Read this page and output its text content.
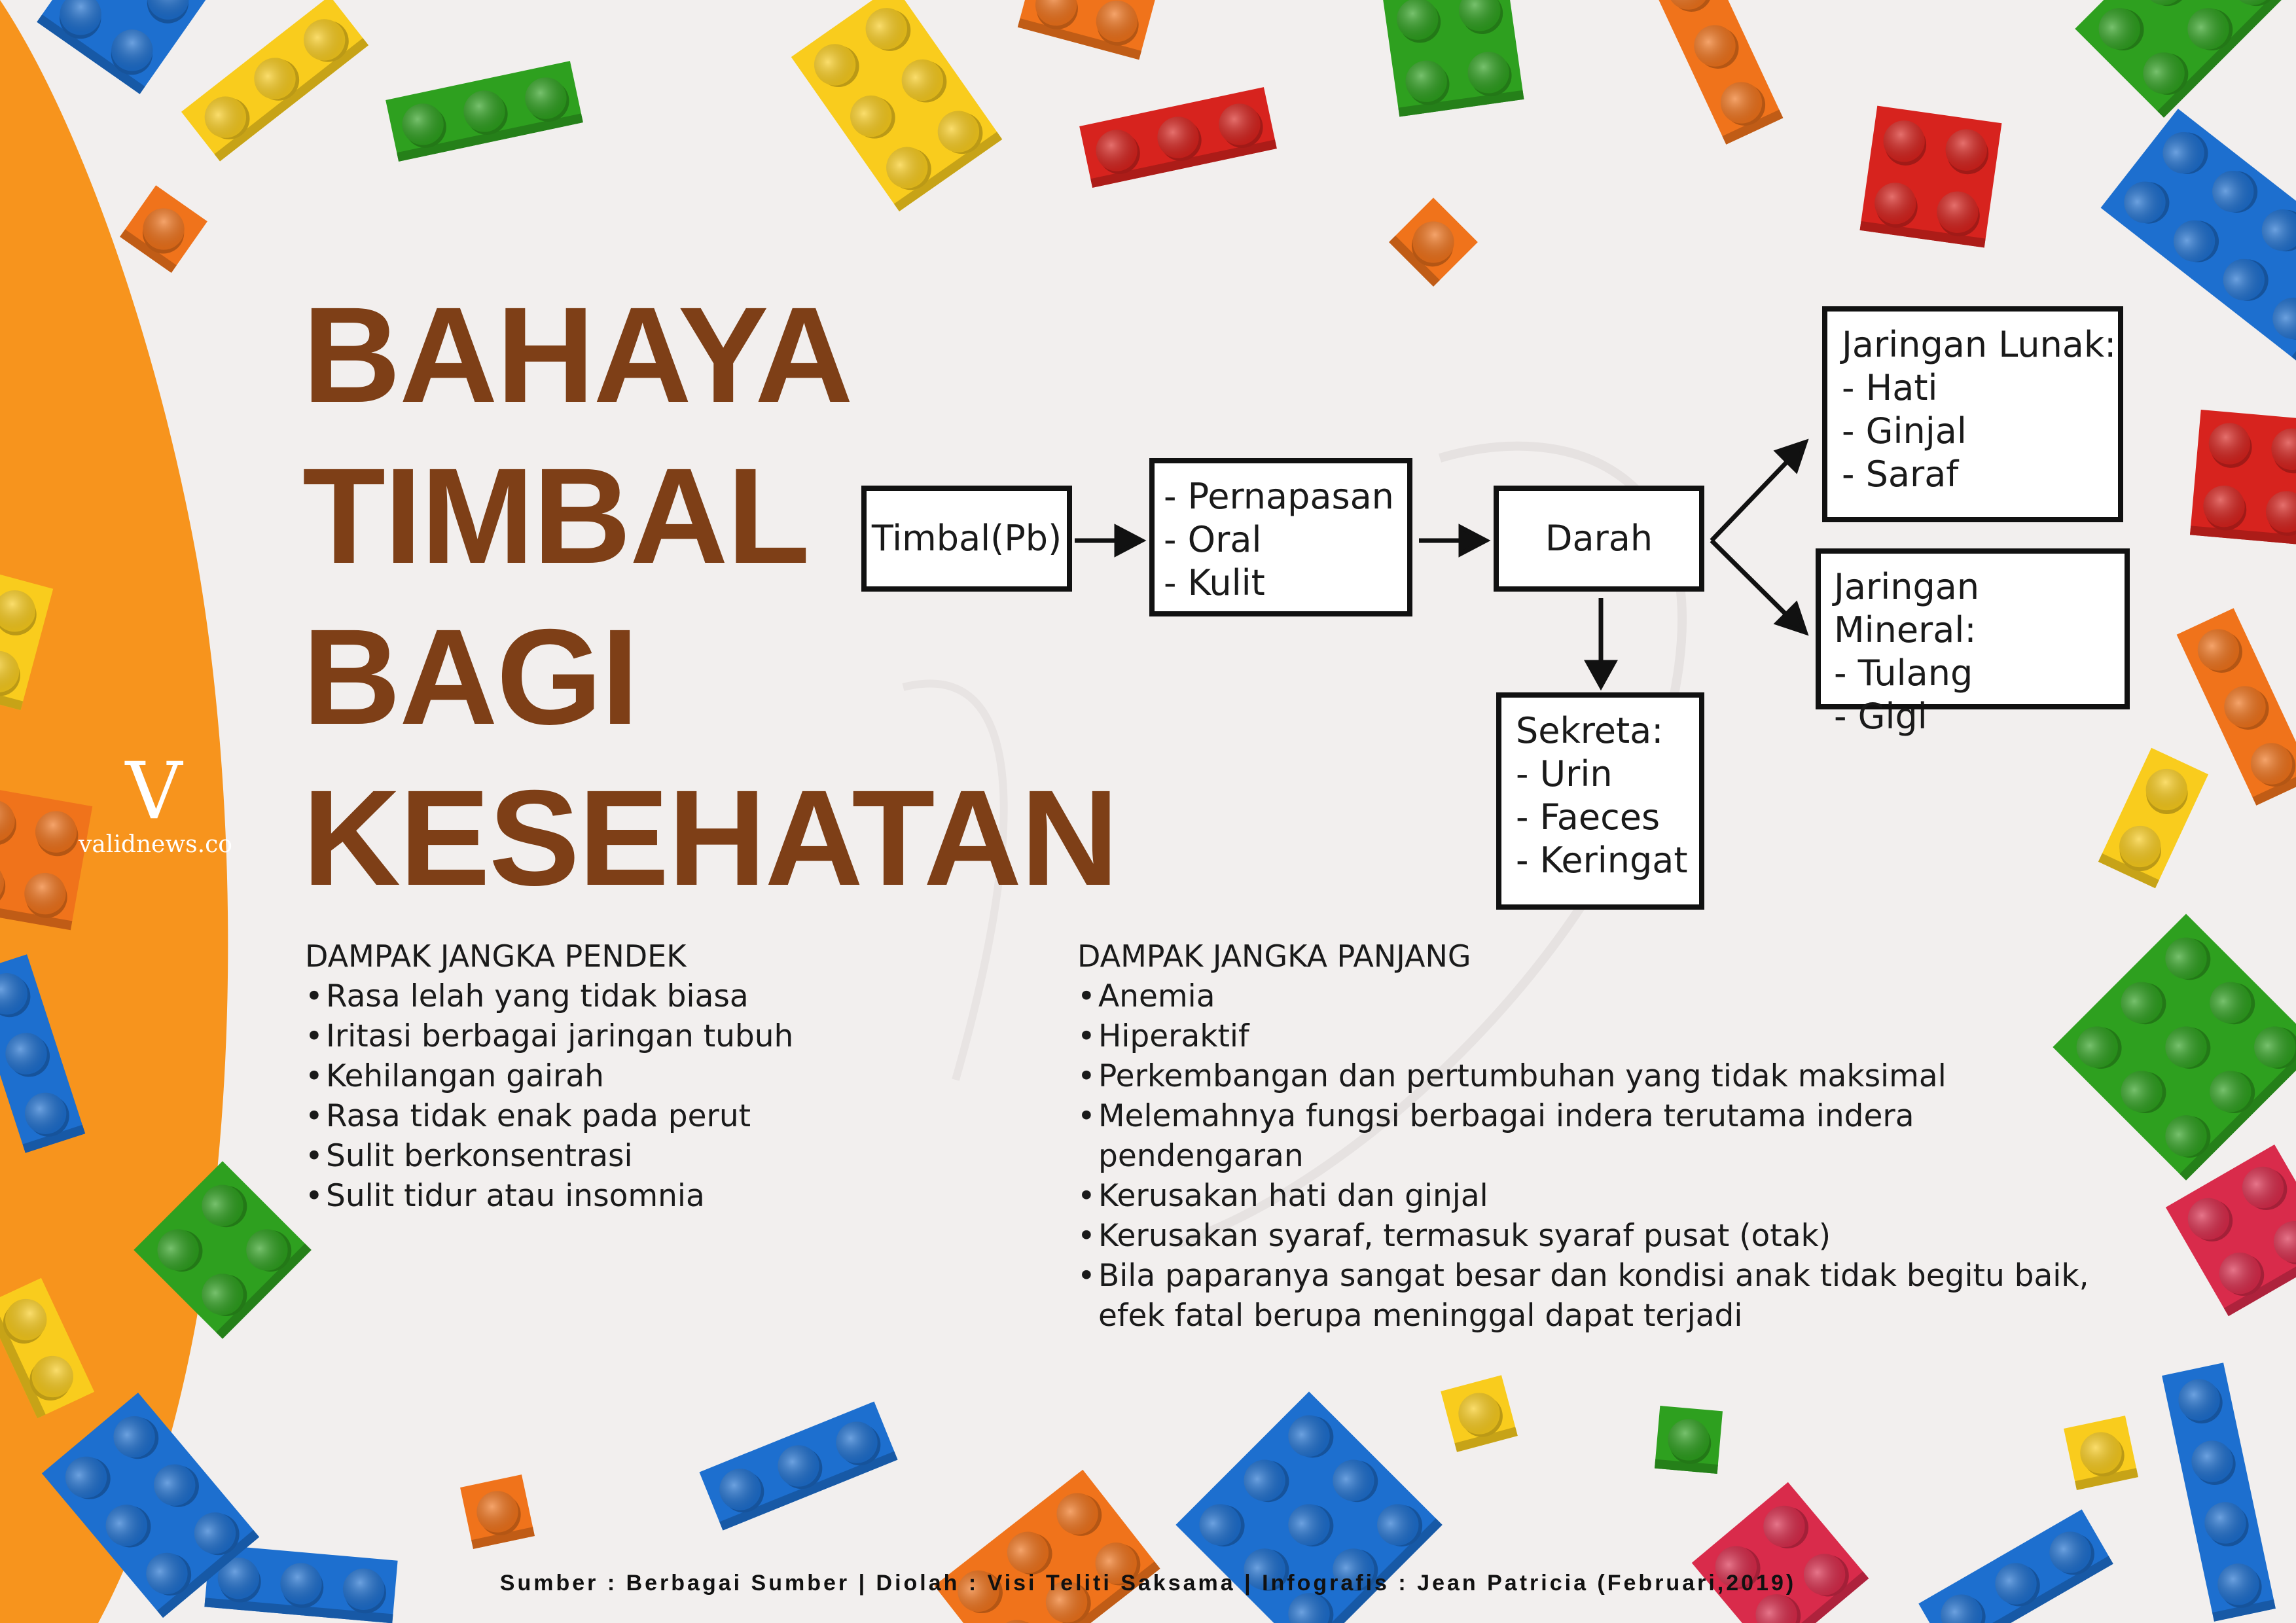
BAHAYA
TIMBAL
BAGI
KESEHATAN
V
validnews.co
Timbal(Pb)
- Pernapasan
- Oral
- Kulit
Darah
Sekreta:
- Urin
- Faeces
- Keringat
Jaringan Lunak:
- Hati
- Ginjal
- Saraf
Jaringan Mineral:
- Tulang
- Gigi
DAMPAK JANGKA PENDEK
• Rasa lelah yang tidak biasa
• Iritasi berbagai jaringan tubuh
• Kehilangan gairah
• Rasa tidak enak pada perut
• Sulit berkonsentrasi
• Sulit tidur atau insomnia
DAMPAK JANGKA PANJANG
• Anemia
• Hiperaktif
• Perkembangan dan pertumbuhan yang tidak maksimal
• Melemahnya fungsi berbagai indera terutama indera pendengaran
• Kerusakan hati dan ginjal
• Kerusakan syaraf, termasuk syaraf pusat (otak)
• Bila paparanya sangat besar dan kondisi anak tidak begitu baik, efek fatal berupa meninggal dapat terjadi
Sumber : Berbagai Sumber | Diolah : Visi Teliti Saksama | Infografis : Jean Patricia (Februari,2019)
